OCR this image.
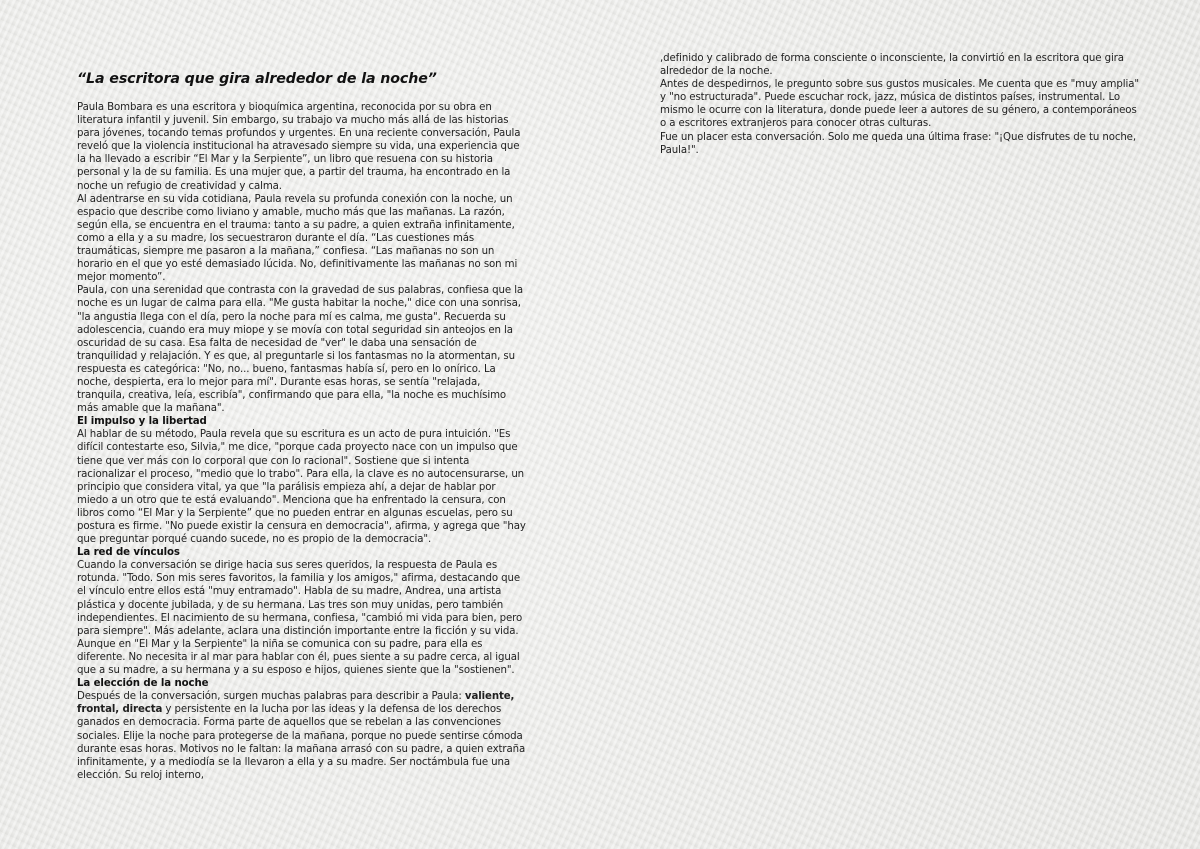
“La escritora que gira alrededor de la noche”

Paula Bombara es una escritora y bioquímica argentina, reconocida por su obra en literatura infantil y juvenil. Sin embargo, su trabajo va mucho más allá de las historias para jóvenes, tocando temas profundos y urgentes. En una reciente conversación, Paula reveló que la violencia institucional ha atravesado siempre su vida, una experiencia que la ha llevado a escribir “El Mar y la Serpiente”, un libro que resuena con su historia personal y la de su familia. Es una mujer que, a partir del trauma, ha encontrado en la noche un refugio de creatividad y calma.

Al adentrarse en su vida cotidiana, Paula revela su profunda conexión con la noche, un espacio que describe como liviano y amable, mucho más que las mañanas. La razón, según ella, se encuentra en el trauma: tanto a su padre, a quien extraña infinitamente, como a ella y a su madre, los secuestraron durante el día. “Las cuestiones más traumáticas, siempre me pasaron a la mañana,” confiesa. “Las mañanas no son un horario en el que yo esté demasiado lúcida. No, definitivamente las mañanas no son mi mejor momento”.

Paula, con una serenidad que contrasta con la gravedad de sus palabras, confiesa que la noche es un lugar de calma para ella. "Me gusta habitar la noche," dice con una sonrisa, "la angustia llega con el día, pero la noche para mí es calma, me gusta". Recuerda su adolescencia, cuando era muy miope y se movía con total seguridad sin anteojos en la oscuridad de su casa. Esa falta de necesidad de "ver" le daba una sensación de tranquilidad y relajación. Y es que, al preguntarle si los fantasmas no la atormentan, su respuesta es categórica: "No, no... bueno, fantasmas había sí, pero en lo onírico. La noche, despierta, era lo mejor para mí". Durante esas horas, se sentía "relajada, tranquila, creativa, leía, escribía", confirmando que para ella, "la noche es muchísimo más amable que la mañana".

El impulso y la libertad

Al hablar de su método, Paula revela que su escritura es un acto de pura intuición. "Es difícil contestarte eso, Silvia," me dice, "porque cada proyecto nace con un impulso que tiene que ver más con lo corporal que con lo racional". Sostiene que si intenta racionalizar el proceso, "medio que lo trabo". Para ella, la clave es no autocensurarse, un principio que considera vital, ya que "la parálisis empieza ahí, a dejar de hablar por miedo a un otro que te está evaluando". Menciona que ha enfrentado la censura, con libros como “El Mar y la Serpiente” que no pueden entrar en algunas escuelas, pero su postura es firme. "No puede existir la censura en democracia", afirma, y agrega que "hay que preguntar porqué cuando sucede, no es propio de la democracia".

La red de vínculos

Cuando la conversación se dirige hacia sus seres queridos, la respuesta de Paula es rotunda. "Todo. Son mis seres favoritos, la familia y los amigos," afirma, destacando que el vínculo entre ellos está "muy entramado". Habla de su madre, Andrea, una artista plástica y docente jubilada, y de su hermana. Las tres son muy unidas, pero también independientes. El nacimiento de su hermana, confiesa, "cambió mi vida para bien, pero para siempre". Más adelante, aclara una distinción importante entre la ficción y su vida. Aunque en "El Mar y la Serpiente" la niña se comunica con su padre, para ella es diferente. No necesita ir al mar para hablar con él, pues siente a su padre cerca, al igual que a su madre, a su hermana y a su esposo e hijos, quienes siente que la "sostienen".

La elección de la noche

Después de la conversación, surgen muchas palabras para describir a Paula: valiente, frontal, directa y persistente en la lucha por las ideas y la defensa de los derechos ganados en democracia. Forma parte de aquellos que se rebelan a las convenciones sociales. Elije la noche para protegerse de la mañana, porque no puede sentirse cómoda durante esas horas. Motivos no le faltan: la mañana arrasó con su padre, a quien extraña infinitamente, y a mediodía se la llevaron a ella y a su madre. Ser noctámbula fue una elección. Su reloj interno,

,definido y calibrado de forma consciente o inconsciente, la convirtió en la escritora que gira alrededor de la noche.

Antes de despedirnos, le pregunto sobre sus gustos musicales. Me cuenta que es "muy amplia" y "no estructurada". Puede escuchar rock, jazz, música de distintos países, instrumental. Lo mismo le ocurre con la literatura, donde puede leer a autores de su género, a contemporáneos o a escritores extranjeros para conocer otras culturas.

Fue un placer esta conversación. Solo me queda una última frase: "¡Que disfrutes de tu noche, Paula!".
